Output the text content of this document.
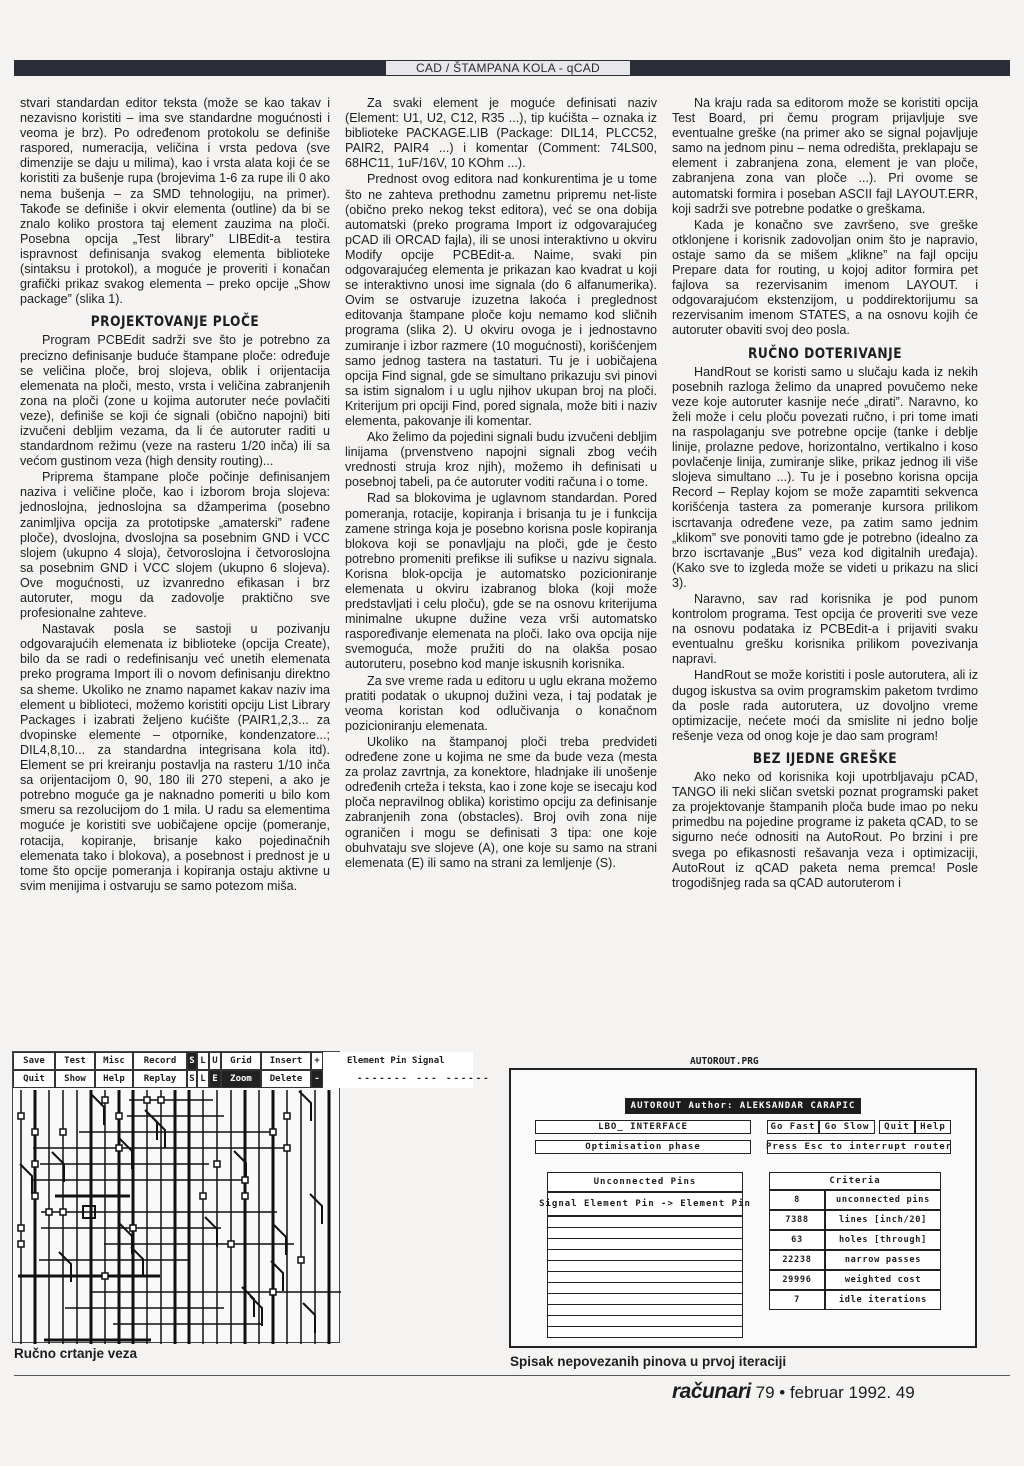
CAD / ŠTAMPANA KOLA - qCAD

stvari standardan editor teksta (može se kao takav i nezavisno koristiti – ima sve standardne mogućnosti i veoma je brz). Po određenom protokolu se definiše raspored, numeracija, veličina i vrsta pedova (sve dimenzije se daju u milima), kao i vrsta alata koji će se koristiti za bušenje rupa (brojevima 1-6 za rupe ili 0 ako nema bušenja – za SMD tehnologiju, na primer). Takođe se definiše i okvir elementa (outline) da bi se znalo koliko prostora taj element zauzima na ploči. Posebna opcija „Test library” LIBEdit-a testira ispravnost definisanja svakog elementa biblioteke (sintaksu i protokol), a moguće je proveriti i konačan grafički prikaz svakog elementa – preko opcije „Show package” (slika 1).

PROJEKTOVANJE PLOČE

Program PCBEdit sadrži sve što je potrebno za precizno definisanje buduće štampane ploče: određuje se veličina ploče, broj slojeva, oblik i orijentacija elemenata na ploči, mesto, vrsta i veličina zabranjenih zona na ploči (zone u kojima autoruter neće povlačiti veze), definiše se koji će signali (obično napojni) biti izvučeni debljim vezama, da li će autoruter raditi u standardnom režimu (veze na rasteru 1/20 inča) ili sa većom gustinom veza (high density routing)...

Priprema štampane ploče počinje definisanjem naziva i veličine ploče, kao i izborom broja slojeva: jednoslojna, jednoslojna sa džamperima (posebno zanimljiva opcija za prototipske „amaterski” rađene ploče), dvoslojna, dvoslojna sa posebnim GND i VCC slojem (ukupno 4 sloja), četvoroslojna i četvoroslojna sa posebnim GND i VCC slojem (ukupno 6 slojeva). Ove mogućnosti, uz izvanredno efikasan i brz autoruter, mogu da zadovolje praktično sve profesionalne zahteve.

Nastavak posla se sastoji u pozivanju odgovarajućih elemenata iz biblioteke (opcija Create), bilo da se radi o redefinisanju već unetih elemenata preko programa Import ili o novom definisanju direktno sa sheme. Ukoliko ne znamo napamet kakav naziv ima element u biblioteci, možemo koristiti opciju List Library Packages i izabrati željeno kućište (PAIR1,2,3... za dvopinske elemente – otpornike, kondenzatore...; DIL4,8,10... za standardna integrisana kola itd). Element se pri kreiranju postavlja na rasteru 1/10 inča sa orijentacijom 0, 90, 180 ili 270 stepeni, a ako je potrebno moguće ga je naknadno pomeriti u bilo kom smeru sa rezolucijom do 1 mila. U radu sa elementima moguće je koristiti sve uobičajene opcije (pomeranje, rotacija, kopiranje, brisanje kako pojedinačnih elemenata tako i blokova), a posebnost i prednost je u tome što opcije pomeranja i kopiranja ostaju aktivne u svim menijima i ostvaruju se samo potezom miša.

Za svaki element je moguće definisati naziv (Element: U1, U2, C12, R35 ...), tip kućišta – oznaka iz biblioteke PACKAGE.LIB (Package: DIL14, PLCC52, PAIR2, PAIR4 ...) i komentar (Comment: 74LS00, 68HC11, 1uF/16V, 10 KOhm ...).

Prednost ovog editora nad konkurentima je u tome što ne zahteva prethodnu zametnu pripremu net-liste (obično preko nekog tekst editora), već se ona dobija automatski (preko programa Import iz odgovarajućeg pCAD ili ORCAD fajla), ili se unosi interaktivno u okviru Modify opcije PCBEdit-a. Naime, svaki pin odgovarajućeg elementa je prikazan kao kvadrat u koji se interaktivno unosi ime signala (do 6 alfanumerika). Ovim se ostvaruje izuzetna lakoća i preglednost editovanja štampane ploče koju nemamo kod sličnih programa (slika 2). U okviru ovoga je i jednostavno zumiranje i izbor razmere (10 mogućnosti), korišćenjem samo jednog tastera na tastaturi. Tu je i uobičajena opcija Find signal, gde se simultano prikazuju svi pinovi sa istim signalom i u uglu njihov ukupan broj na ploči. Kriterijum pri opciji Find, pored signala, može biti i naziv elementa, pakovanje ili komentar.

Ako želimo da pojedini signali budu izvučeni debljim linijama (prvenstveno napojni signali zbog većih vrednosti struja kroz njih), možemo ih definisati u posebnoj tabeli, pa će autoruter voditi računa i o tome.

Rad sa blokovima je uglavnom standardan. Pored pomeranja, rotacije, kopiranja i brisanja tu je i funkcija zamene stringa koja je posebno korisna posle kopiranja blokova koji se ponavljaju na ploči, gde je često potrebno promeniti prefikse ili sufikse u nazivu signala. Korisna blok-opcija je automatsko pozicioniranje elemenata u okviru izabranog bloka (koji može predstavljati i celu ploču), gde se na osnovu kriterijuma minimalne ukupne dužine veza vrši automatsko raspoređivanje elemenata na ploči. Iako ova opcija nije svemoguća, može pružiti do na olakša posao autoruteru, posebno kod manje iskusnih korisnika.

Za sve vreme rada u editoru u uglu ekrana možemo pratiti podatak o ukupnoj dužini veza, i taj podatak je veoma koristan kod odlučivanja o konačnom pozicioniranju elemenata.

Ukoliko na štampanoj ploči treba predvideti određene zone u kojima ne sme da bude veza (mesta za prolaz zavrtnja, za konektore, hladnjake ili unošenje određenih crteža i teksta, kao i zone koje se isecaju kod ploča nepravilnog oblika) koristimo opciju za definisanje zabranjenih zona (obstacles). Broj ovih zona nije ograničen i mogu se definisati 3 tipa: one koje obuhvataju sve slojeve (A), one koje su samo na strani elemenata (E) ili samo na strani za lemljenje (S).

Na kraju rada sa editorom može se koristiti opcija Test Board, pri čemu program prijavljuje sve eventualne greške (na primer ako se signal pojavljuje samo na jednom pinu – nema odredišta, preklapaju se element i zabranjena zona, element je van ploče, zabranjena zona van ploče ...). Pri ovome se automatski formira i poseban ASCII fajl LAYOUT.ERR, koji sadrži sve potrebne podatke o greškama.

Kada je konačno sve završeno, sve greške otklonjene i korisnik zadovoljan onim što je napravio, ostaje samo da se mišem „klikne” na fajl opciju Prepare data for routing, u kojoj aditor formira pet fajlova sa rezervisanim imenom LAYOUT. i odgovarajućom ekstenzijom, u poddirektorijumu sa rezervisanim imenom STATES, a na osnovu kojih će autoruter obaviti svoj deo posla.

RUČNO DOTERIVANJE

HandRout se koristi samo u slučaju kada iz nekih posebnih razloga želimo da unapred povučemo neke veze koje autoruter kasnije neće „dirati”. Naravno, ko želi može i celu ploču povezati ručno, i pri tome imati na raspolaganju sve potrebne opcije (tanke i deblje linije, prolazne pedove, horizontalno, vertikalno i koso povlačenje linija, zumiranje slike, prikaz jednog ili više slojeva simultano ...). Tu je i posebno korisna opcija Record – Replay kojom se može zapamtiti sekvenca korišćenja tastera za pomeranje kursora prilikom iscrtavanja određene veze, pa zatim samo jednim „klikom” sve ponoviti tamo gde je potrebno (idealno za brzo iscrtavanje „Bus” veza kod digitalnih uređaja). (Kako sve to izgleda može se videti u prikazu na slici 3).

Naravno, sav rad korisnika je pod punom kontrolom programa. Test opcija će proveriti sve veze na osnovu podataka iz PCBEdit-a i prijaviti svaku eventualnu grešku korisnika prilikom povezivanja napravi.

HandRout se može koristiti i posle autorutera, ali iz dugog iskustva sa ovim programskim paketom tvrdimo da posle rada autorutera, uz dovoljno vreme optimizacije, nećete moći da smislite ni jedno bolje rešenje veza od onog koje je dao sam program!

BEZ IJEDNE GREŠKE

Ako neko od korisnika koji upotrbljavaju pCAD, TANGO ili neki sličan svetski poznat programski paket za projektovanje štampanih ploča bude imao po neku primedbu na pojedine programe iz paketa qCAD, to se sigurno neće odnositi na AutoRout. Po brzini i pre svega po efikasnosti rešavanja veza i optimizaciji, AutoRout iz qCAD paketa nema premca! Posle trogodišnjeg rada sa qCAD autoruterom i

Save	Test	Misc	Record	S L U	Grid	Insert	+	Element Pin Signal
Quit	Show	Help	Replay	S L E	Zoom	Delete	-	------- --- ------
Ručno crtanje veza
AUTOROUT.PRG
AUTOROUT Author: ALEKSANDAR CARAPIC
LBO_ INTERFACE
Optimisation phase
Go Fast	Go Slow	Quit	Help
Press Esc to interrupt router
Unconnected Pins
Signal Element Pin -> Element Pin
Criteria
8	unconnected pins
7388	lines [inch/20]
63	holes [through]
22238	narrow passes
29996	weighted cost
7	idle iterations
Spisak nepovezanih pinova u prvoj iteraciji
računari 79 • februar 1992. 49
